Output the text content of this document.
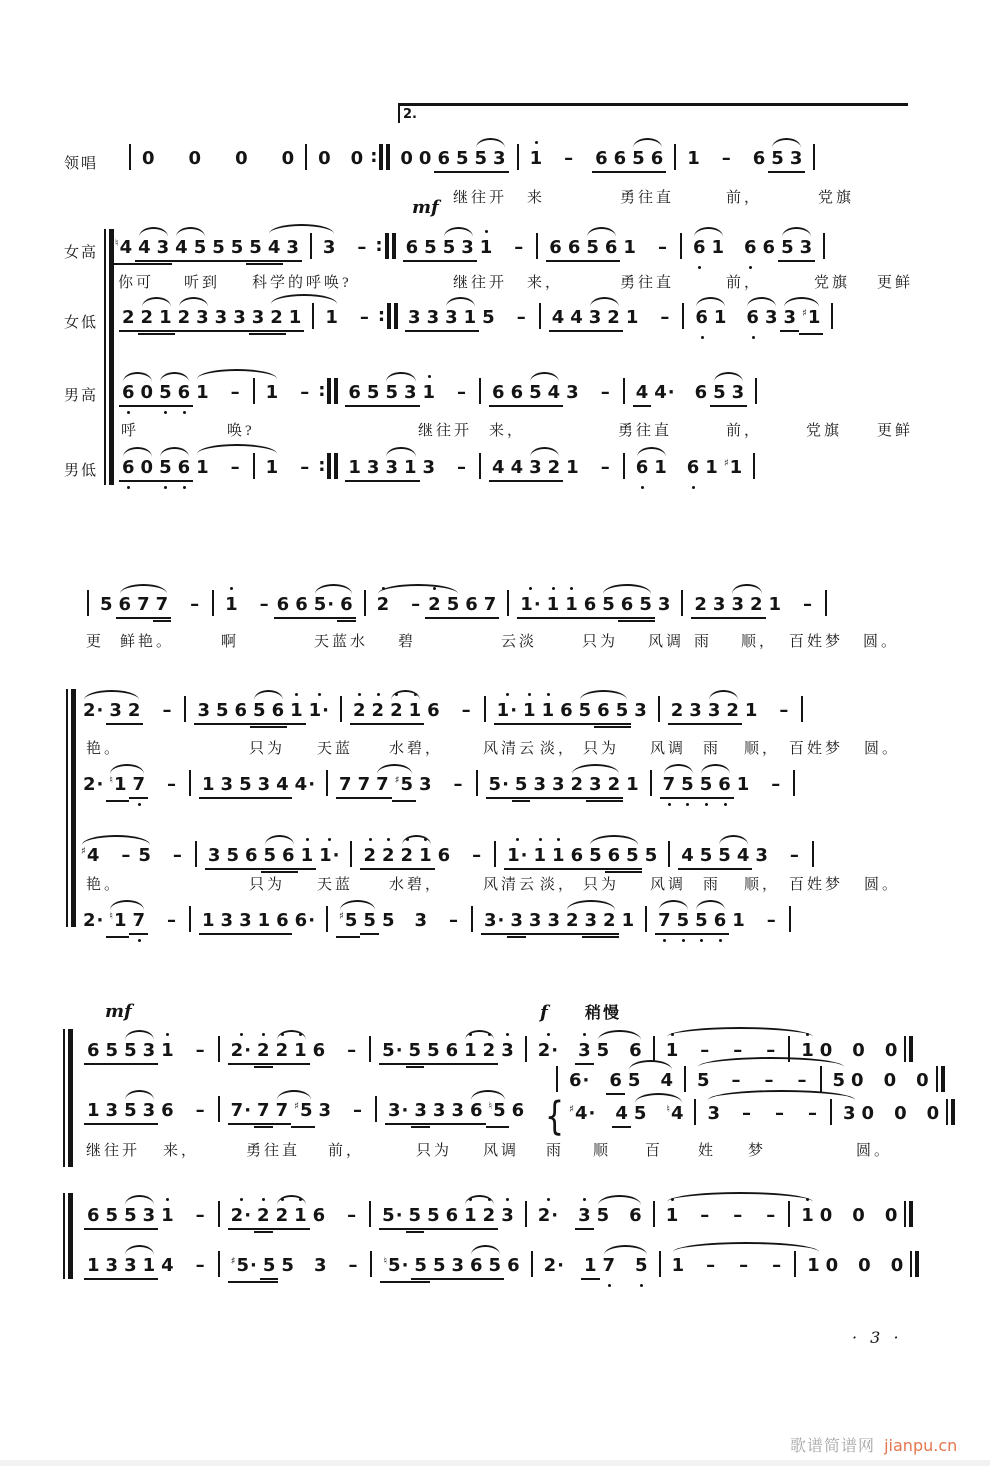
2.
领唱
女高
女低
男高
男低
mf
mf	f 稍慢
0 0 0 0 0 0 : 0 0 6 5 5 3 1 – 6 6 5 6 1 – 6 5 3
♮4 4 3 4 5 5 5 5 4 3 3 – : 6 5 5 3 1 – 6 6 5 6 1 – 6 1 6 6 5 3
2 2 1 2 3 3 3 3 2 1 1 – : 3 3 3 1 5 – 4 4 3 2 1 – 6 1 6 3 3 ♯1
6 0 5 6 1 – 1 – : 6 5 5 3 1 – 6 6 5 4 3 – 4 4· 6 5 3
6 0 5 6 1 – 1 – : 1 3 3 1 3 – 4 4 3 2 1 – 6 1 6 1 ♯1
继往开 来	勇往直	前，	党旗
你可 听到 科学的呼唤?	继往开 来，	勇往直	前，	党旗 更鲜
呼	唤?	继往开 来，	勇往直	前，	党旗 更鲜
5 6 7 7 – 1 – 6 6 5· 6 2 – 2 5 6 7 1· 1 1 6 5 6 5 3 2 3 3 2 1 –
更 鲜艳。	啊	天蓝水 碧	云淡	只为 风调 雨 顺， 百姓梦 圆。
2· 3 2 – 3 5 6 5 6 1 1· 2 2 2 1 6 – 1· 1 1 6 5 6 5 3 2 3 3 2 1 –
艳。	只为 天蓝 水碧，	风清云 淡， 只为 风调 雨 顺， 百姓梦 圆。
2· ♮1 7 – 1 3 5 3 4 4· 7 7 7 ♯5 3 – 5· 5 3 3 2 3 2 1 7 5 5 6 1 –
♯4 – 5 – 3 5 6 5 6 1 1· 2 2 2 1 6 – 1· 1 1 6 5 6 5 5 4 5 5 4 3 –
艳。	只为 天蓝 水碧，	风清云 淡， 只为 风调 雨 顺， 百姓梦 圆。
2· ♮1 7 – 1 3 3 1 6 6· ♯5 5 5 3 – 3· 3 3 3 2 3 2 1 7 5 5 6 1 –
6 5 5 3 1 – 2· 2 2 1 6 – 5· 5 5 6 1 2 3 2· 3 5 6 1 – – – 1 0 0 0
1 3 5 3 6 – 7· 7 7 ♯5 3 – 3· 3 3 3 6 ♮5 6
6· 6 5 4 5 – – – 5 0 0 0
{ ♯4· 4 5 ♮4 3 – – – 3 0 0 0
继往开 来，	勇往直 前，	只为 风调 雨 顺 百 姓 梦	圆。
6 5 5 3 1 – 2· 2 2 1 6 – 5· 5 5 6 1 2 3 2· 3 5 6 1 – – – 1 0 0 0
1 3 3 1 4 –	♯5· 5 5 3 –	♮5· 5 5 3 6 5 6 2· 1 7 5 1 – – – 1 0 0 0
· 3 ·
歌谱简谱网 jianpu.cn
